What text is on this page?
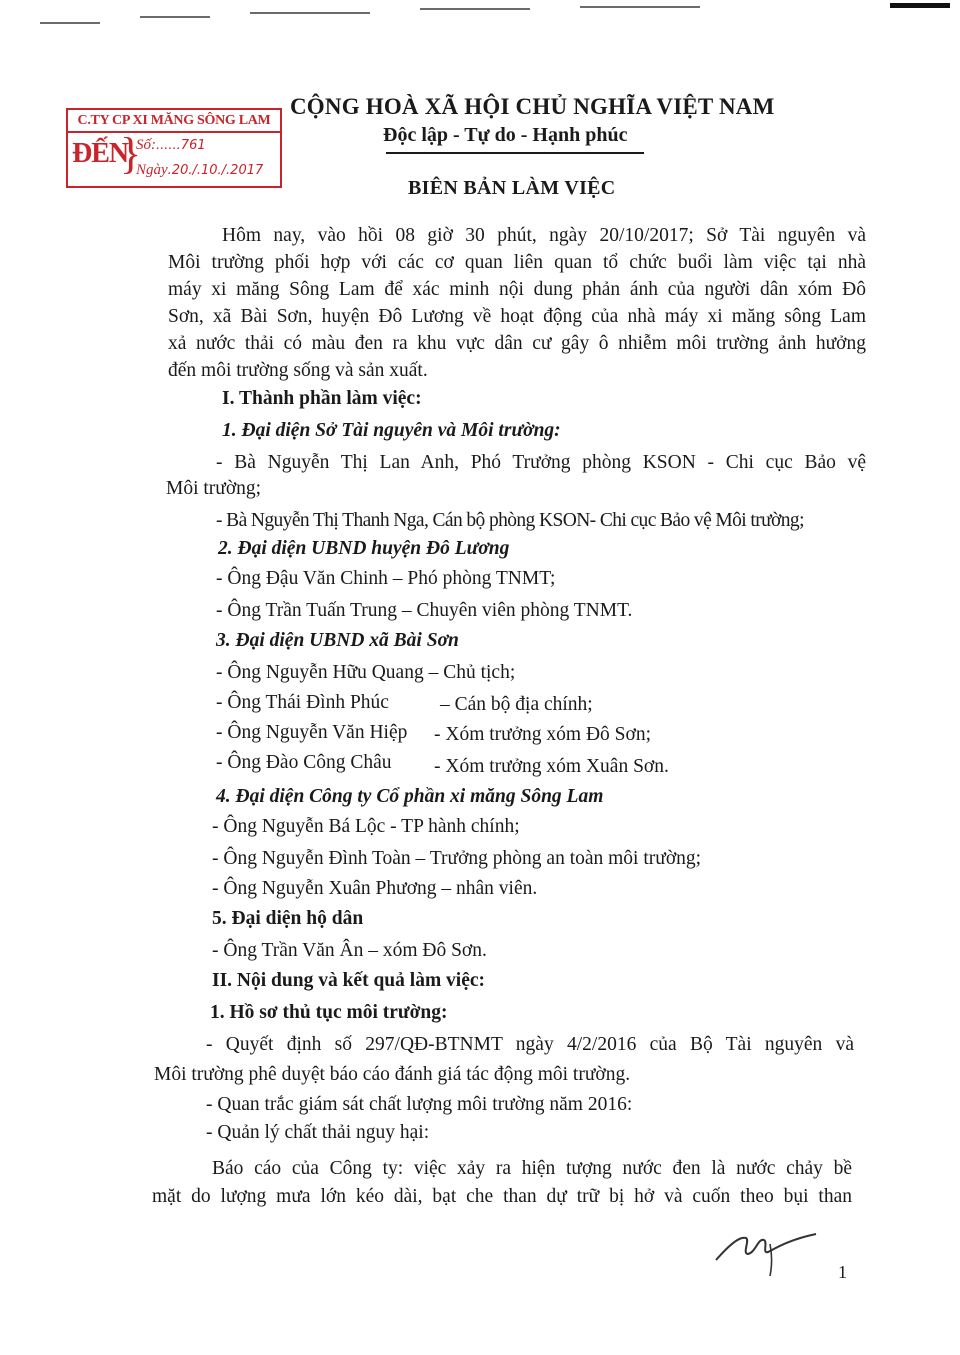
C.TY CP XI MĂNG SÔNG LAM
ĐẾN
}
Số:......761
Ngày.20./.10./.2017
CỘNG HOÀ XÃ HỘI CHỦ NGHĨA VIỆT NAM
Độc lập - Tự do - Hạnh phúc
BIÊN BẢN LÀM VIỆC
Hôm nay, vào hồi 08 giờ 30 phút, ngày 20/10/2017; Sở Tài nguyên và
Môi trường phối hợp với các cơ quan liên quan tổ chức buổi làm việc tại nhà
máy xi măng Sông Lam để xác minh nội dung phản ánh của người dân xóm Đô
Sơn, xã Bài Sơn, huyện Đô Lương về hoạt động của nhà máy xi măng sông Lam
xả nước thải có màu đen ra khu vực dân cư gây ô nhiễm môi trường ảnh hưởng
đến môi trường sống và sản xuất.
I. Thành phần làm việc:
1. Đại diện Sở Tài nguyên và Môi trường:
- Bà Nguyễn Thị Lan Anh, Phó Trưởng phòng KSON - Chi cục Bảo vệ
Môi trường;
- Bà Nguyễn Thị Thanh Nga, Cán bộ phòng KSON- Chi cục Bảo vệ Môi trường;
2. Đại diện UBND huyện Đô Lương
- Ông Đậu Văn Chinh – Phó phòng TNMT;
- Ông Trần Tuấn Trung – Chuyên viên phòng TNMT.
3. Đại diện UBND xã Bài Sơn
- Ông Nguyễn Hữu Quang – Chủ tịch;
- Ông Thái Đình Phúc	– Cán bộ địa chính;
- Ông Nguyễn Văn Hiệp - Xóm trưởng xóm Đô Sơn;
- Ông Đào Công Châu - Xóm trưởng xóm Xuân Sơn.
4. Đại diện Công ty Cổ phần xi măng Sông Lam
- Ông Nguyễn Bá Lộc - TP hành chính;
- Ông Nguyễn Đình Toàn – Trưởng phòng an toàn môi trường;
- Ông Nguyễn Xuân Phương – nhân viên.
5. Đại diện hộ dân
- Ông Trần Văn Ân – xóm Đô Sơn.
II. Nội dung và kết quả làm việc:
1. Hồ sơ thủ tục môi trường:
- Quyết định số 297/QĐ-BTNMT ngày 4/2/2016 của Bộ Tài nguyên và
Môi trường phê duyệt báo cáo đánh giá tác động môi trường.
- Quan trắc giám sát chất lượng môi trường năm 2016:
- Quản lý chất thải nguy hại:
Báo cáo của Công ty: việc xảy ra hiện tượng nước đen là nước chảy bề
mặt do lượng mưa lớn kéo dài, bạt che than dự trữ bị hở và cuốn theo bụi than
1
